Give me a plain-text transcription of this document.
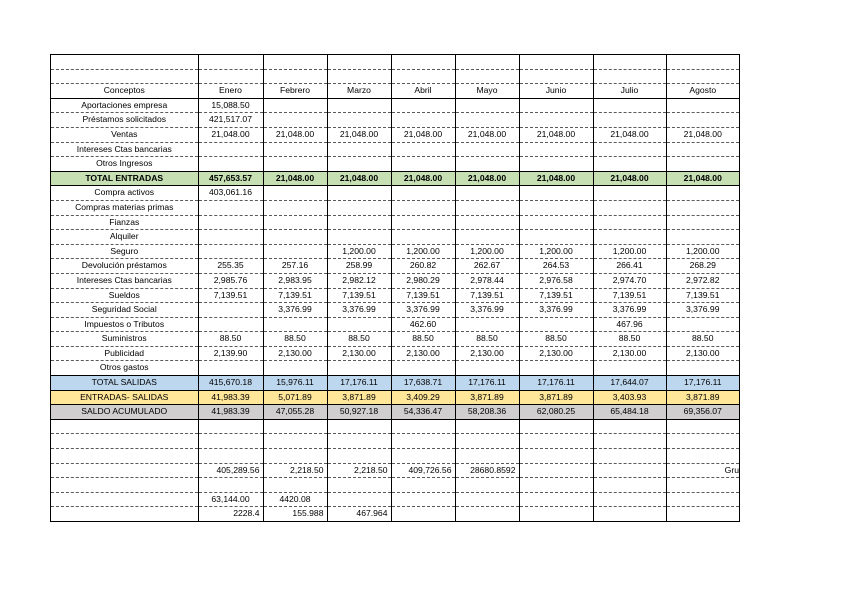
Conceptos	Enero	Febrero	Marzo	Abril	Mayo	Junio	Julio	Agosto
Aportaciones empresa	15,088.50							
Préstamos solicitados	421,517.07							
Ventas	21,048.00	21,048.00	21,048.00	21,048.00	21,048.00	21,048.00	21,048.00	21,048.00
Intereses Ctas bancarias								
Otros Ingresos								
TOTAL ENTRADAS	457,653.57	21,048.00	21,048.00	21,048.00	21,048.00	21,048.00	21,048.00	21,048.00
Compra activos	403,061.16							
Compras materias primas								
Fianzas								
Alquiler								
Seguro			1,200.00	1,200.00	1,200.00	1,200.00	1,200.00	1,200.00
Devolución préstamos	255.35	257.16	258.99	260.82	262.67	264.53	266.41	268.29
Intereses Ctas bancarias	2,985.76	2,983.95	2,982.12	2,980.29	2,978.44	2,976.58	2,974.70	2,972.82
Sueldos	7,139.51	7,139.51	7,139.51	7,139.51	7,139.51	7,139.51	7,139.51	7,139.51
Seguridad Social		3,376.99	3,376.99	3,376.99	3,376.99	3,376.99	3,376.99	3,376.99
Impuestos o Tributos				462.60			467.96	
Suministros	88.50	88.50	88.50	88.50	88.50	88.50	88.50	88.50
Publicidad	2,139.90	2,130.00	2,130.00	2,130.00	2,130.00	2,130.00	2,130.00	2,130.00
Otros gastos								
TOTAL SALIDAS	415,670.18	15,976.11	17,176.11	17,638.71	17,176.11	17,176.11	17,644.07	17,176.11
ENTRADAS- SALIDAS	41,983.39	5,071.89	3,871.89	3,409.29	3,871.89	3,871.89	3,403.93	3,871.89
SALDO ACUMULADO	41,983.39	47,055.28	50,927.18	54,336.47	58,208.36	62,080.25	65,484.18	69,356.07

	405,289.56	2,218.50	2,218.50	409,726.56	28680.8592			Gru

	63,144.00	4420.08						
	2228.4	155.988	467.964					
